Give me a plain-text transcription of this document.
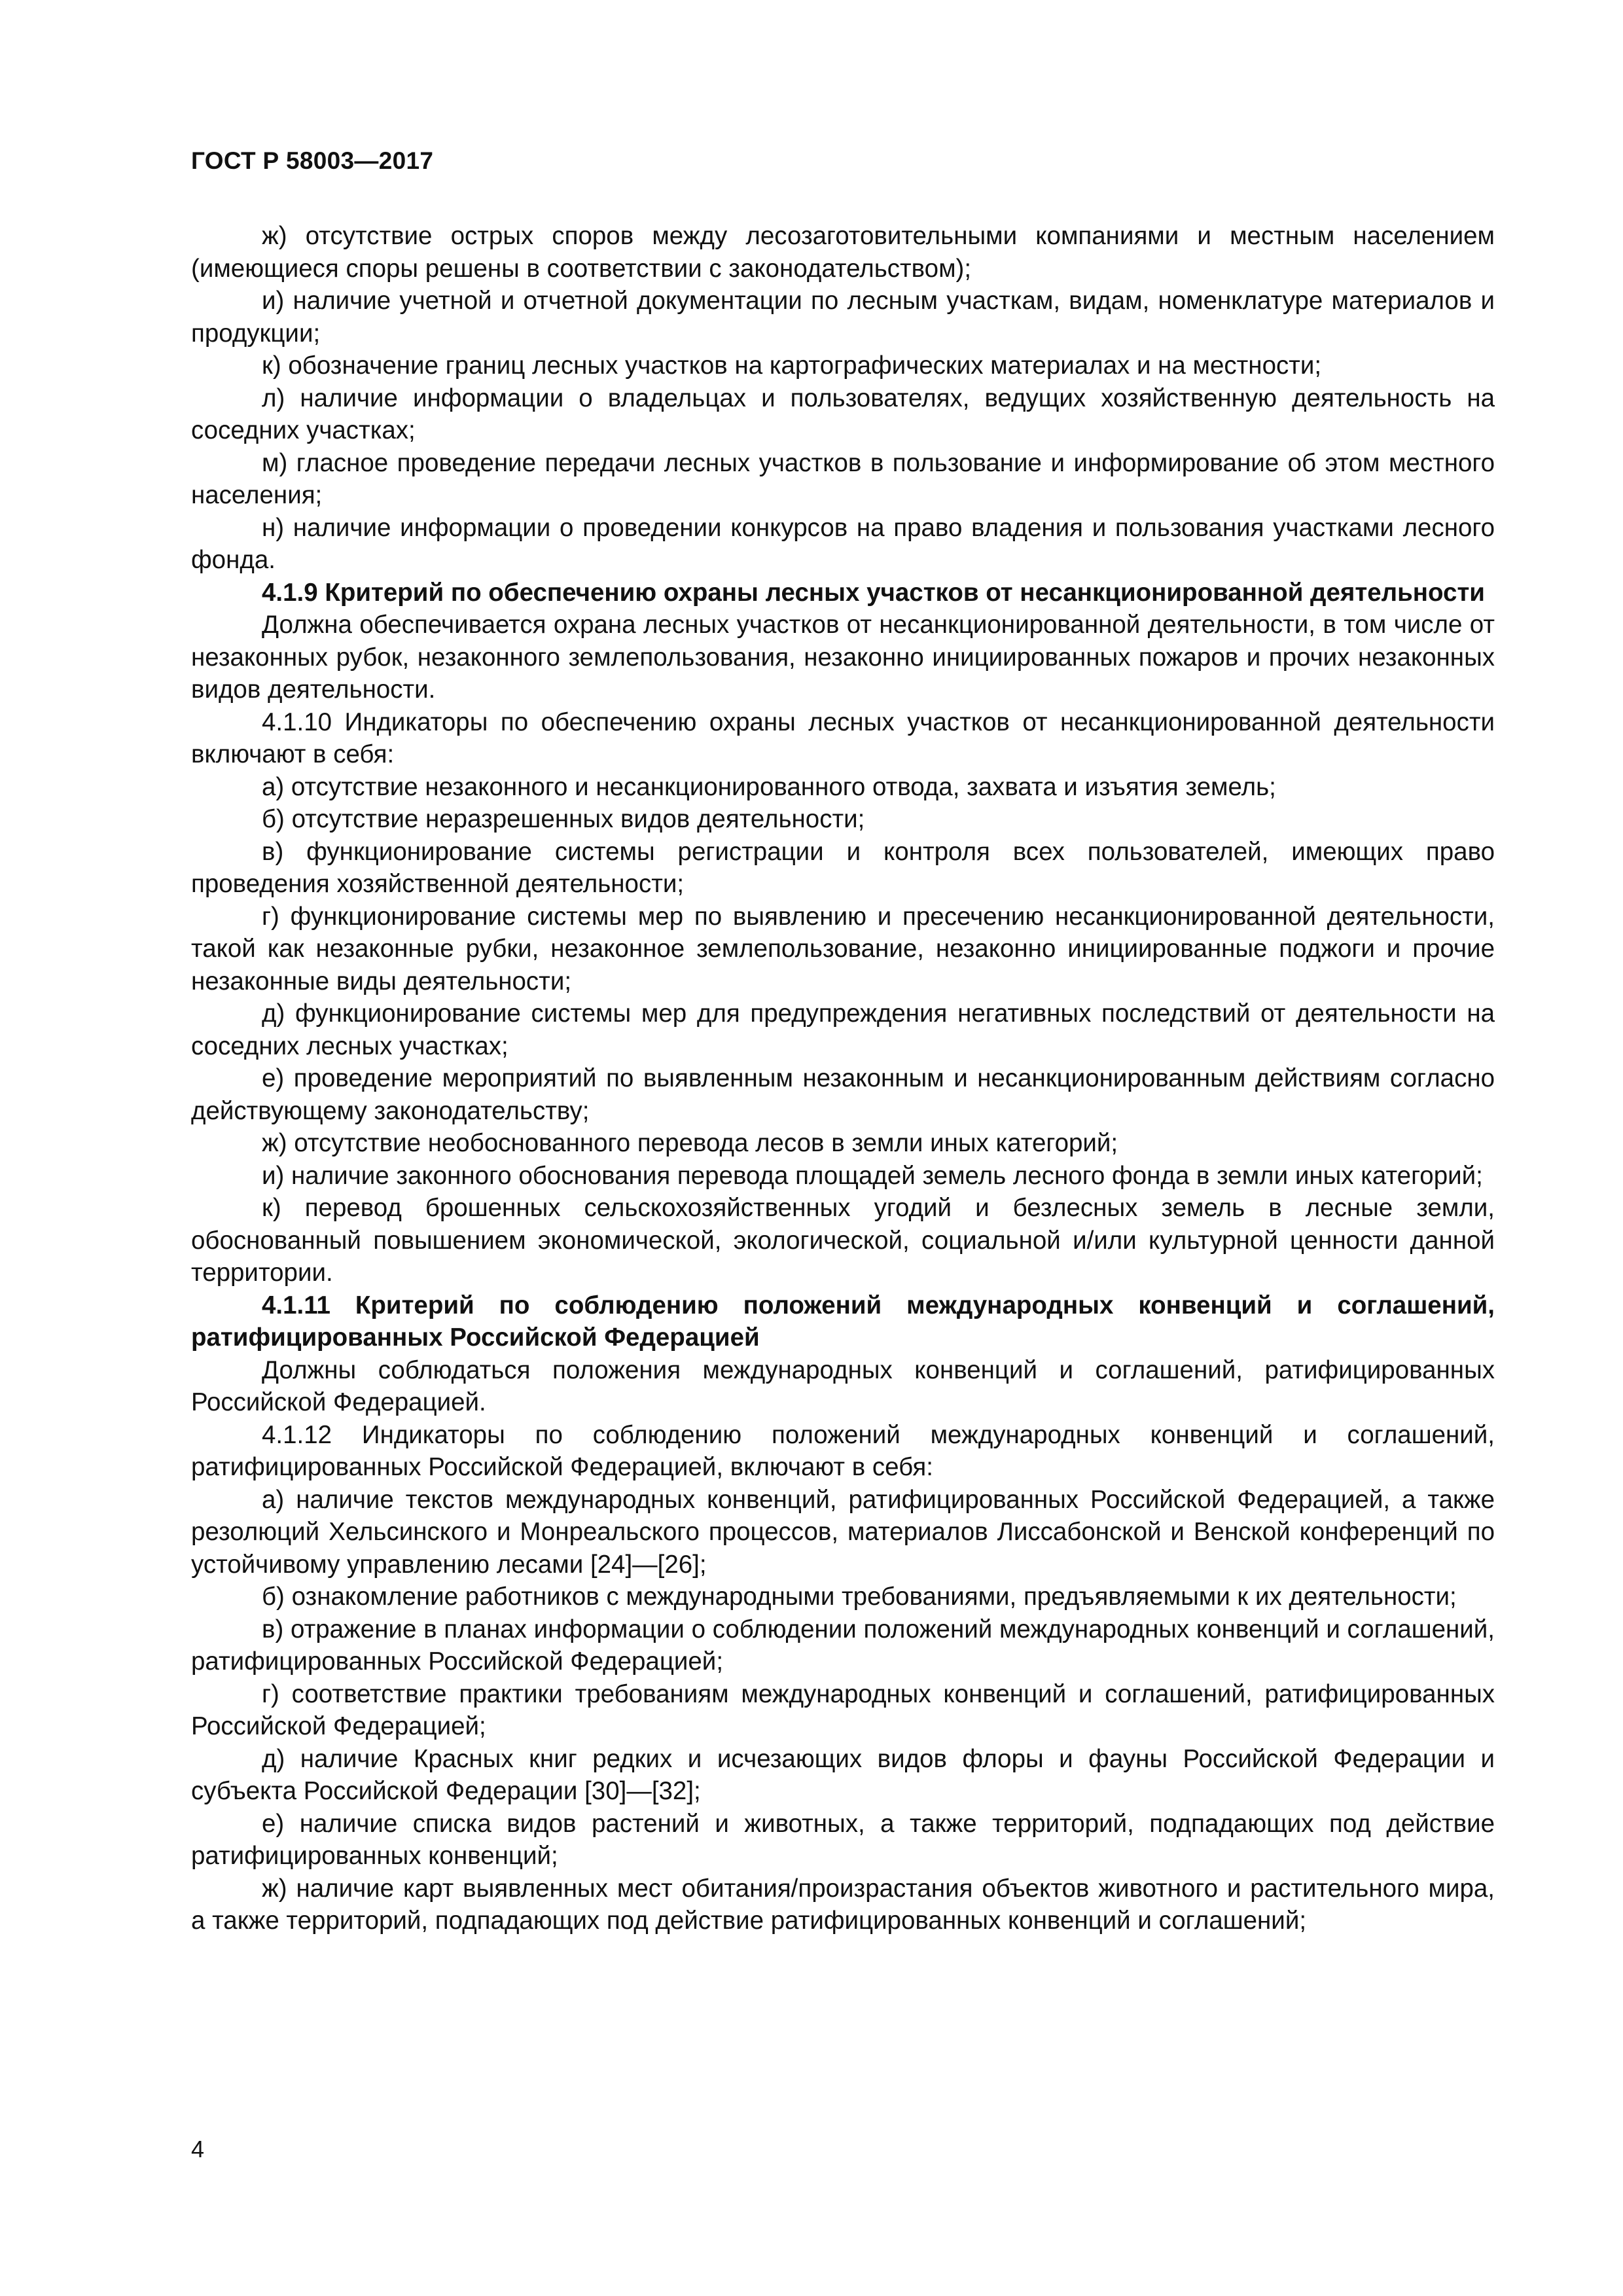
ГОСТ Р 58003—2017

ж) отсутствие острых споров между лесозаготовительными компаниями и местным населением (имеющиеся споры решены в соответствии с законодательством);

и) наличие учетной и отчетной документации по лесным участкам, видам, номенклатуре материалов и продукции;

к) обозначение границ лесных участков на картографических материалах и на местности;

л) наличие информации о владельцах и пользователях, ведущих хозяйственную деятельность на соседних участках;

м) гласное проведение передачи лесных участков в пользование и информирование об этом местного населения;

н) наличие информации о проведении конкурсов на право владения и пользования участками лесного фонда.

4.1.9 Критерий по обеспечению охраны лесных участков от несанкционированной деятельности

Должна обеспечивается охрана лесных участков от несанкционированной деятельности, в том числе от незаконных рубок, незаконного землепользования, незаконно инициированных пожаров и прочих незаконных видов деятельности.

4.1.10 Индикаторы по обеспечению охраны лесных участков от несанкционированной деятельности включают в себя:

а) отсутствие незаконного и несанкционированного отвода, захвата и изъятия земель;

б) отсутствие неразрешенных видов деятельности;

в) функционирование системы регистрации и контроля всех пользователей, имеющих право проведения хозяйственной деятельности;

г) функционирование системы мер по выявлению и пресечению несанкционированной деятельности, такой как незаконные рубки, незаконное землепользование, незаконно инициированные поджоги и прочие незаконные виды деятельности;

д) функционирование системы мер для предупреждения негативных последствий от деятельности на соседних лесных участках;

е) проведение мероприятий по выявленным незаконным и несанкционированным действиям согласно действующему законодательству;

ж) отсутствие необоснованного перевода лесов в земли иных категорий;

и) наличие законного обоснования перевода площадей земель лесного фонда в земли иных категорий;

к) перевод брошенных сельскохозяйственных угодий и безлесных земель в лесные земли, обоснованный повышением экономической, экологической, социальной и/или культурной ценности данной территории.

4.1.11 Критерий по соблюдению положений международных конвенций и соглашений, ратифицированных Российской Федерацией

Должны соблюдаться положения международных конвенций и соглашений, ратифицированных Российской Федерацией.

4.1.12 Индикаторы по соблюдению положений международных конвенций и соглашений, ратифицированных Российской Федерацией, включают в себя:

а) наличие текстов международных конвенций, ратифицированных Российской Федерацией, а также резолюций Хельсинского и Монреальского процессов, материалов Лиссабонской и Венской конференций по устойчивому управлению лесами [24]—[26];

б) ознакомление работников с международными требованиями, предъявляемыми к их деятельности;

в) отражение в планах информации о соблюдении положений международных конвенций и соглашений, ратифицированных Российской Федерацией;

г) соответствие практики требованиям международных конвенций и соглашений, ратифицированных Российской Федерацией;

д) наличие Красных книг редких и исчезающих видов флоры и фауны Российской Федерации и субъекта Российской Федерации [30]—[32];

е) наличие списка видов растений и животных, а также территорий, подпадающих под действие ратифицированных конвенций;

ж) наличие карт выявленных мест обитания/произрастания объектов животного и растительного мира, а также территорий, подпадающих под действие ратифицированных конвенций и соглашений;

4
